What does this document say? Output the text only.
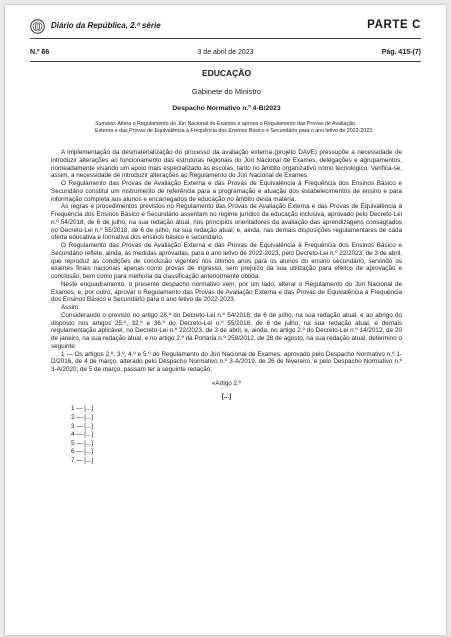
Diário da República, 2.ª série	PARTE C
N.º 66	3 de abril de 2023	Pág. 415-(7)
EDUCAÇÃO
Gabinete do Ministro
Despacho Normativo n.º 4-B/2023
Sumário: Altera o Regulamento do Júri Nacional de Exames e aprova o Regulamento das Provas de Avaliação Externa e das Provas de Equivalência à Frequência dos Ensinos Básico e Secundário para o ano letivo de 2022-2023.

A implementação da desmaterialização do processo da avaliação externa (projeto DAVE) pressupõe a necessidade de introduzir alterações ao funcionamento das estruturas regionais do Júri Nacional de Exames, delegações e agrupamentos, nomeadamente visando um apoio mais especializado às escolas, tanto no âmbito organizativo como tecnológico. Verifica-se, assim, a necessidade de introduzir alterações ao Regulamento do Júri Nacional de Exames.

O Regulamento das Provas de Avaliação Externa e das Provas de Equivalência à Frequência dos Ensinos Básico e Secundário constitui um instrumento de referência para a programação e atuação dos estabelecimentos de ensino e para informação completa aos alunos e encarregados de educação no âmbito desta matéria.

As regras e procedimentos previstos no Regulamento das Provas de Avaliação Externa e das Provas de Equivalência à Frequência dos Ensinos Básico e Secundário assentam no regime jurídico da educação inclusiva, aprovado pelo Decreto-Lei n.º 54/2018, de 6 de julho, na sua redação atual, nos princípios orientadores da avaliação das aprendizagens consagrados no Decreto-Lei n.º 55/2018, de 6 de julho, na sua redação atual, e, ainda, nas demais disposições regulamentares de cada oferta educativa e formativa dos ensinos básico e secundário.

O Regulamento das Provas de Avaliação Externa e das Provas de Equivalência à Frequência dos Ensinos Básico e Secundário reflete, ainda, as medidas aprovadas, para o ano letivo de 2022-2023, pelo Decreto-Lei n.º 22/2023, de 3 de abril, que reproduz as condições de conclusão vigentes nos últimos anos para os alunos do ensino secundário, servindo os exames finais nacionais apenas como provas de ingresso, sem prejuízo da sua utilização para efeitos de aprovação e conclusão, bem como para melhoria da classificação anteriormente obtida.

Neste enquadramento, o presente despacho normativo vem, por um lado, alterar o Regulamento do Júri Nacional de Exames, e, por outro, aprovar o Regulamento das Provas de Avaliação Externa e das Provas de Equivalência à Frequência dos Ensinos Básico e Secundário para o ano letivo de 2022-2023.

Assim:

Considerando o previsto no artigo 28.º do Decreto-Lei n.º 54/2018, de 6 de julho, na sua redação atual, e ao abrigo do disposto nos artigos 25.º, 32.º e 36.º do Decreto-Lei n.º 55/2018, de 6 de julho, na sua redação atual, e demais regulamentação aplicável, no Decreto-Lei n.º 22/2023, de 3 de abril, e, ainda, no artigo 2.º do Decreto-Lei n.º 14/2012, de 20 de janeiro, na sua redação atual, e no artigo 2.º da Portaria n.º 258/2012, de 28 de agosto, na sua redação atual, determino o seguinte:

1 — Os artigos 2.º, 3.º, 4.º e 5.º do Regulamento do Júri Nacional de Exames, aprovado pelo Despacho Normativo n.º 1-D/2016, de 4 de março, alterado pelo Despacho Normativo n.º 3-A/2019, de 26 de fevereiro, e pelo Despacho Normativo n.º 3-A/2020, de 5 de março, passam ter a seguinte redação:

«Artigo 2.º
[...]
1 — [...]
2 — [...]
3 — [...]
4 — [...]
5 — [...]
6 — [...]
7 — [...]
